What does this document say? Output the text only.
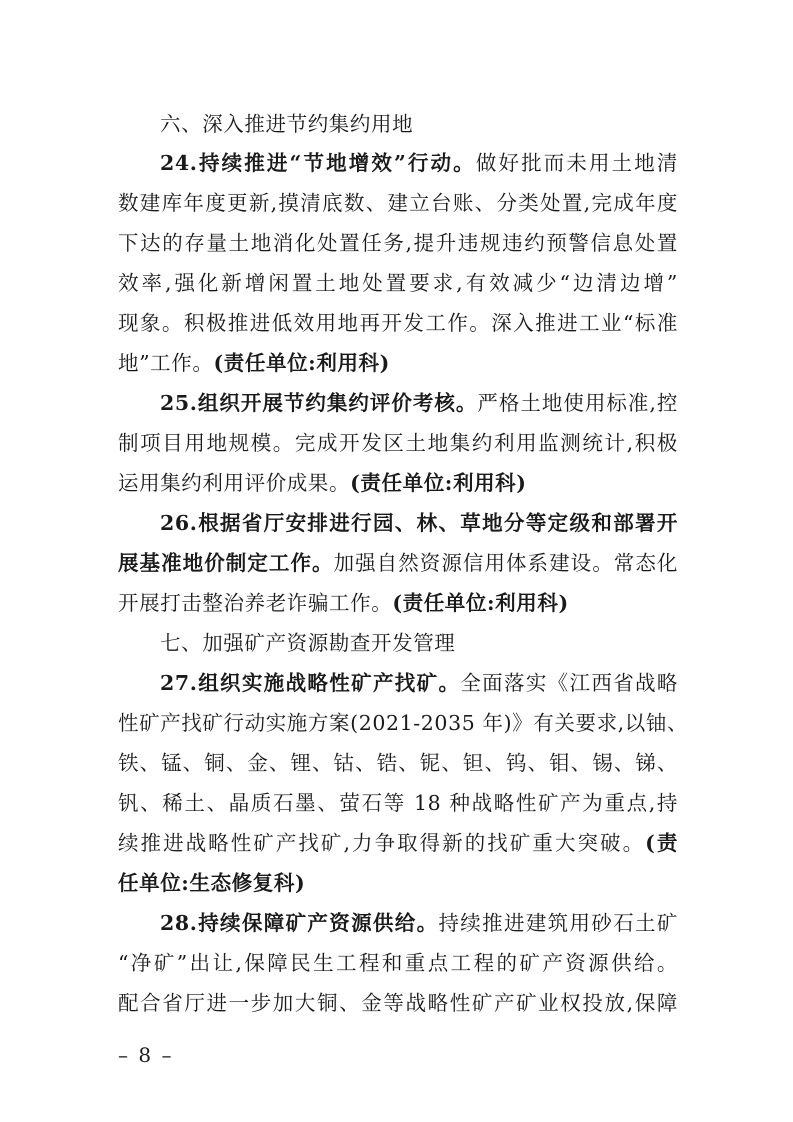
六、深入推进节约集约用地
24.持续推进“节地增效”行动。做好批而未用土地清
数建库年度更新,摸清底数、建立台账、分类处置,完成年度
下达的存量土地消化处置任务,提升违规违约预警信息处置
效率,强化新增闲置土地处置要求,有效减少“边清边增”
现象。积极推进低效用地再开发工作。深入推进工业“标准
地”工作。(责任单位:利用科)
25.组织开展节约集约评价考核。严格土地使用标准,控
制项目用地规模。完成开发区土地集约利用监测统计,积极
运用集约利用评价成果。(责任单位:利用科)
26.根据省厅安排进行园、林、草地分等定级和部署开
展基准地价制定工作。加强自然资源信用体系建设。常态化
开展打击整治养老诈骗工作。(责任单位:利用科)
七、加强矿产资源勘查开发管理
27.组织实施战略性矿产找矿。全面落实《江西省战略
性矿产找矿行动实施方案(2021-2035 年)》有关要求,以铀、
铁、锰、铜、金、锂、钴、锆、铌、钽、钨、钼、锡、锑、
钒、稀土、晶质石墨、萤石等 18 种战略性矿产为重点,持
续推进战略性矿产找矿,力争取得新的找矿重大突破。(责
任单位:生态修复科)
28.持续保障矿产资源供给。持续推进建筑用砂石土矿
“净矿”出让,保障民生工程和重点工程的矿产资源供给。
配合省厅进一步加大铜、金等战略性矿产矿业权投放,保障
– 8 –
